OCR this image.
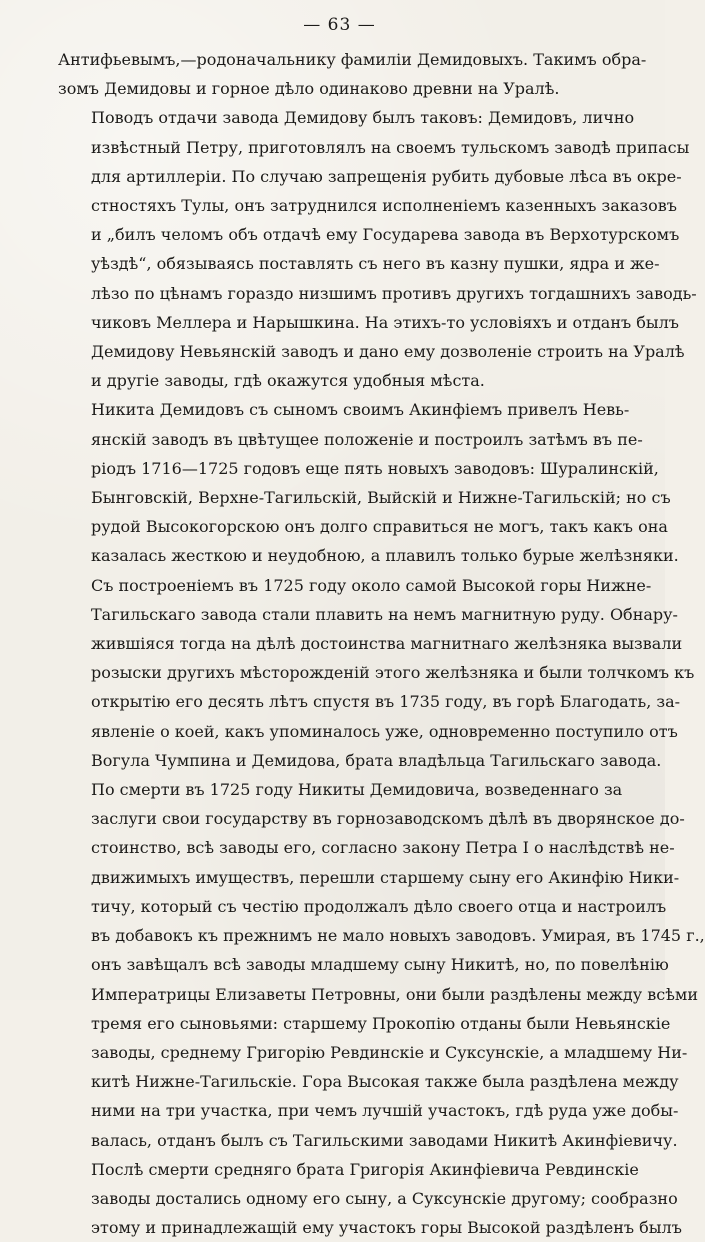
— 63 —
Антифьевымъ,—родоначальнику фамиліи Демидовыхъ. Такимъ обра-
зомъ Демидовы и горное дѣло одинаково древни на Уралѣ.
Поводъ отдачи завода Демидову былъ таковъ: Демидовъ, лично
извѣстный Петру, приготовлялъ на своемъ тульскомъ заводѣ припасы
для артиллеріи. По случаю запрещенія рубить дубовые лѣса въ окре-
стностяхъ Тулы, онъ затруднился исполненіемъ казенныхъ заказовъ
и „билъ челомъ объ отдачѣ ему Государева завода въ Верхотурскомъ
уѣздѣ“, обязываясь поставлять съ него въ казну пушки, ядра и же-
лѣзо по цѣнамъ гораздо низшимъ противъ другихъ тогдашнихъ заводь-
чиковъ Меллера и Нарышкина. На этихъ-то условіяхъ и отданъ былъ
Демидову Невьянскій заводъ и дано ему дозволеніе строить на Уралѣ
и другіе заводы, гдѣ окажутся удобныя мѣста.
Никита Демидовъ съ сыномъ своимъ Акинфіемъ привелъ Невь-
янскій заводъ въ цвѣтущее положеніе и построилъ затѣмъ въ пе-
ріодъ 1716—1725 годовъ еще пять новыхъ заводовъ: Шуралинскій,
Бынговскій, Верхне-Тагильскій, Выйскій и Нижне-Тагильскій; но съ
рудой Высокогорскою онъ долго справиться не могъ, такъ какъ она
казалась жесткою и неудобною, а плавилъ только бурые желѣзняки.
Съ построеніемъ въ 1725 году около самой Высокой горы Нижне-
Тагильскаго завода стали плавить на немъ магнитную руду. Обнару-
жившіяся тогда на дѣлѣ достоинства магнитнаго желѣзняка вызвали
розыски другихъ мѣсторожденій этого желѣзняка и были толчкомъ къ
открытію его десять лѣтъ спустя въ 1735 году, въ горѣ Благодать, за-
явленіе о коей, какъ упоминалось уже, одновременно поступило отъ
Вогула Чумпина и Демидова, брата владѣльца Тагильскаго завода.
По смерти въ 1725 году Никиты Демидовича, возведеннаго за
заслуги свои государству въ горнозаводскомъ дѣлѣ въ дворянское до-
стоинство, всѣ заводы его, согласно закону Петра I о наслѣдствѣ не-
движимыхъ имуществъ, перешли старшему сыну его Акинфію Ники-
тичу, который съ честію продолжалъ дѣло своего отца и настроилъ
въ добавокъ къ прежнимъ не мало новыхъ заводовъ. Умирая, въ 1745 г.,
онъ завѣщалъ всѣ заводы младшему сыну Никитѣ, но, по повелѣнію
Императрицы Елизаветы Петровны, они были раздѣлены между всѣми
тремя его сыновьями: старшему Прокопію отданы были Невьянскіе
заводы, среднему Григорію Ревдинскіе и Суксунскіе, а младшему Ни-
китѣ Нижне-Тагильскіе. Гора Высокая также была раздѣлена между
ними на три участка, при чемъ лучшій участокъ, гдѣ руда уже добы-
валась, отданъ былъ съ Тагильскими заводами Никитѣ Акинфіевичу.
Послѣ смерти средняго брата Григорія Акинфіевича Ревдинскіе
заводы достались одному его сыну, а Суксунскіе другому; сообразно
этому и принадлежащій ему участокъ горы Высокой раздѣленъ былъ
